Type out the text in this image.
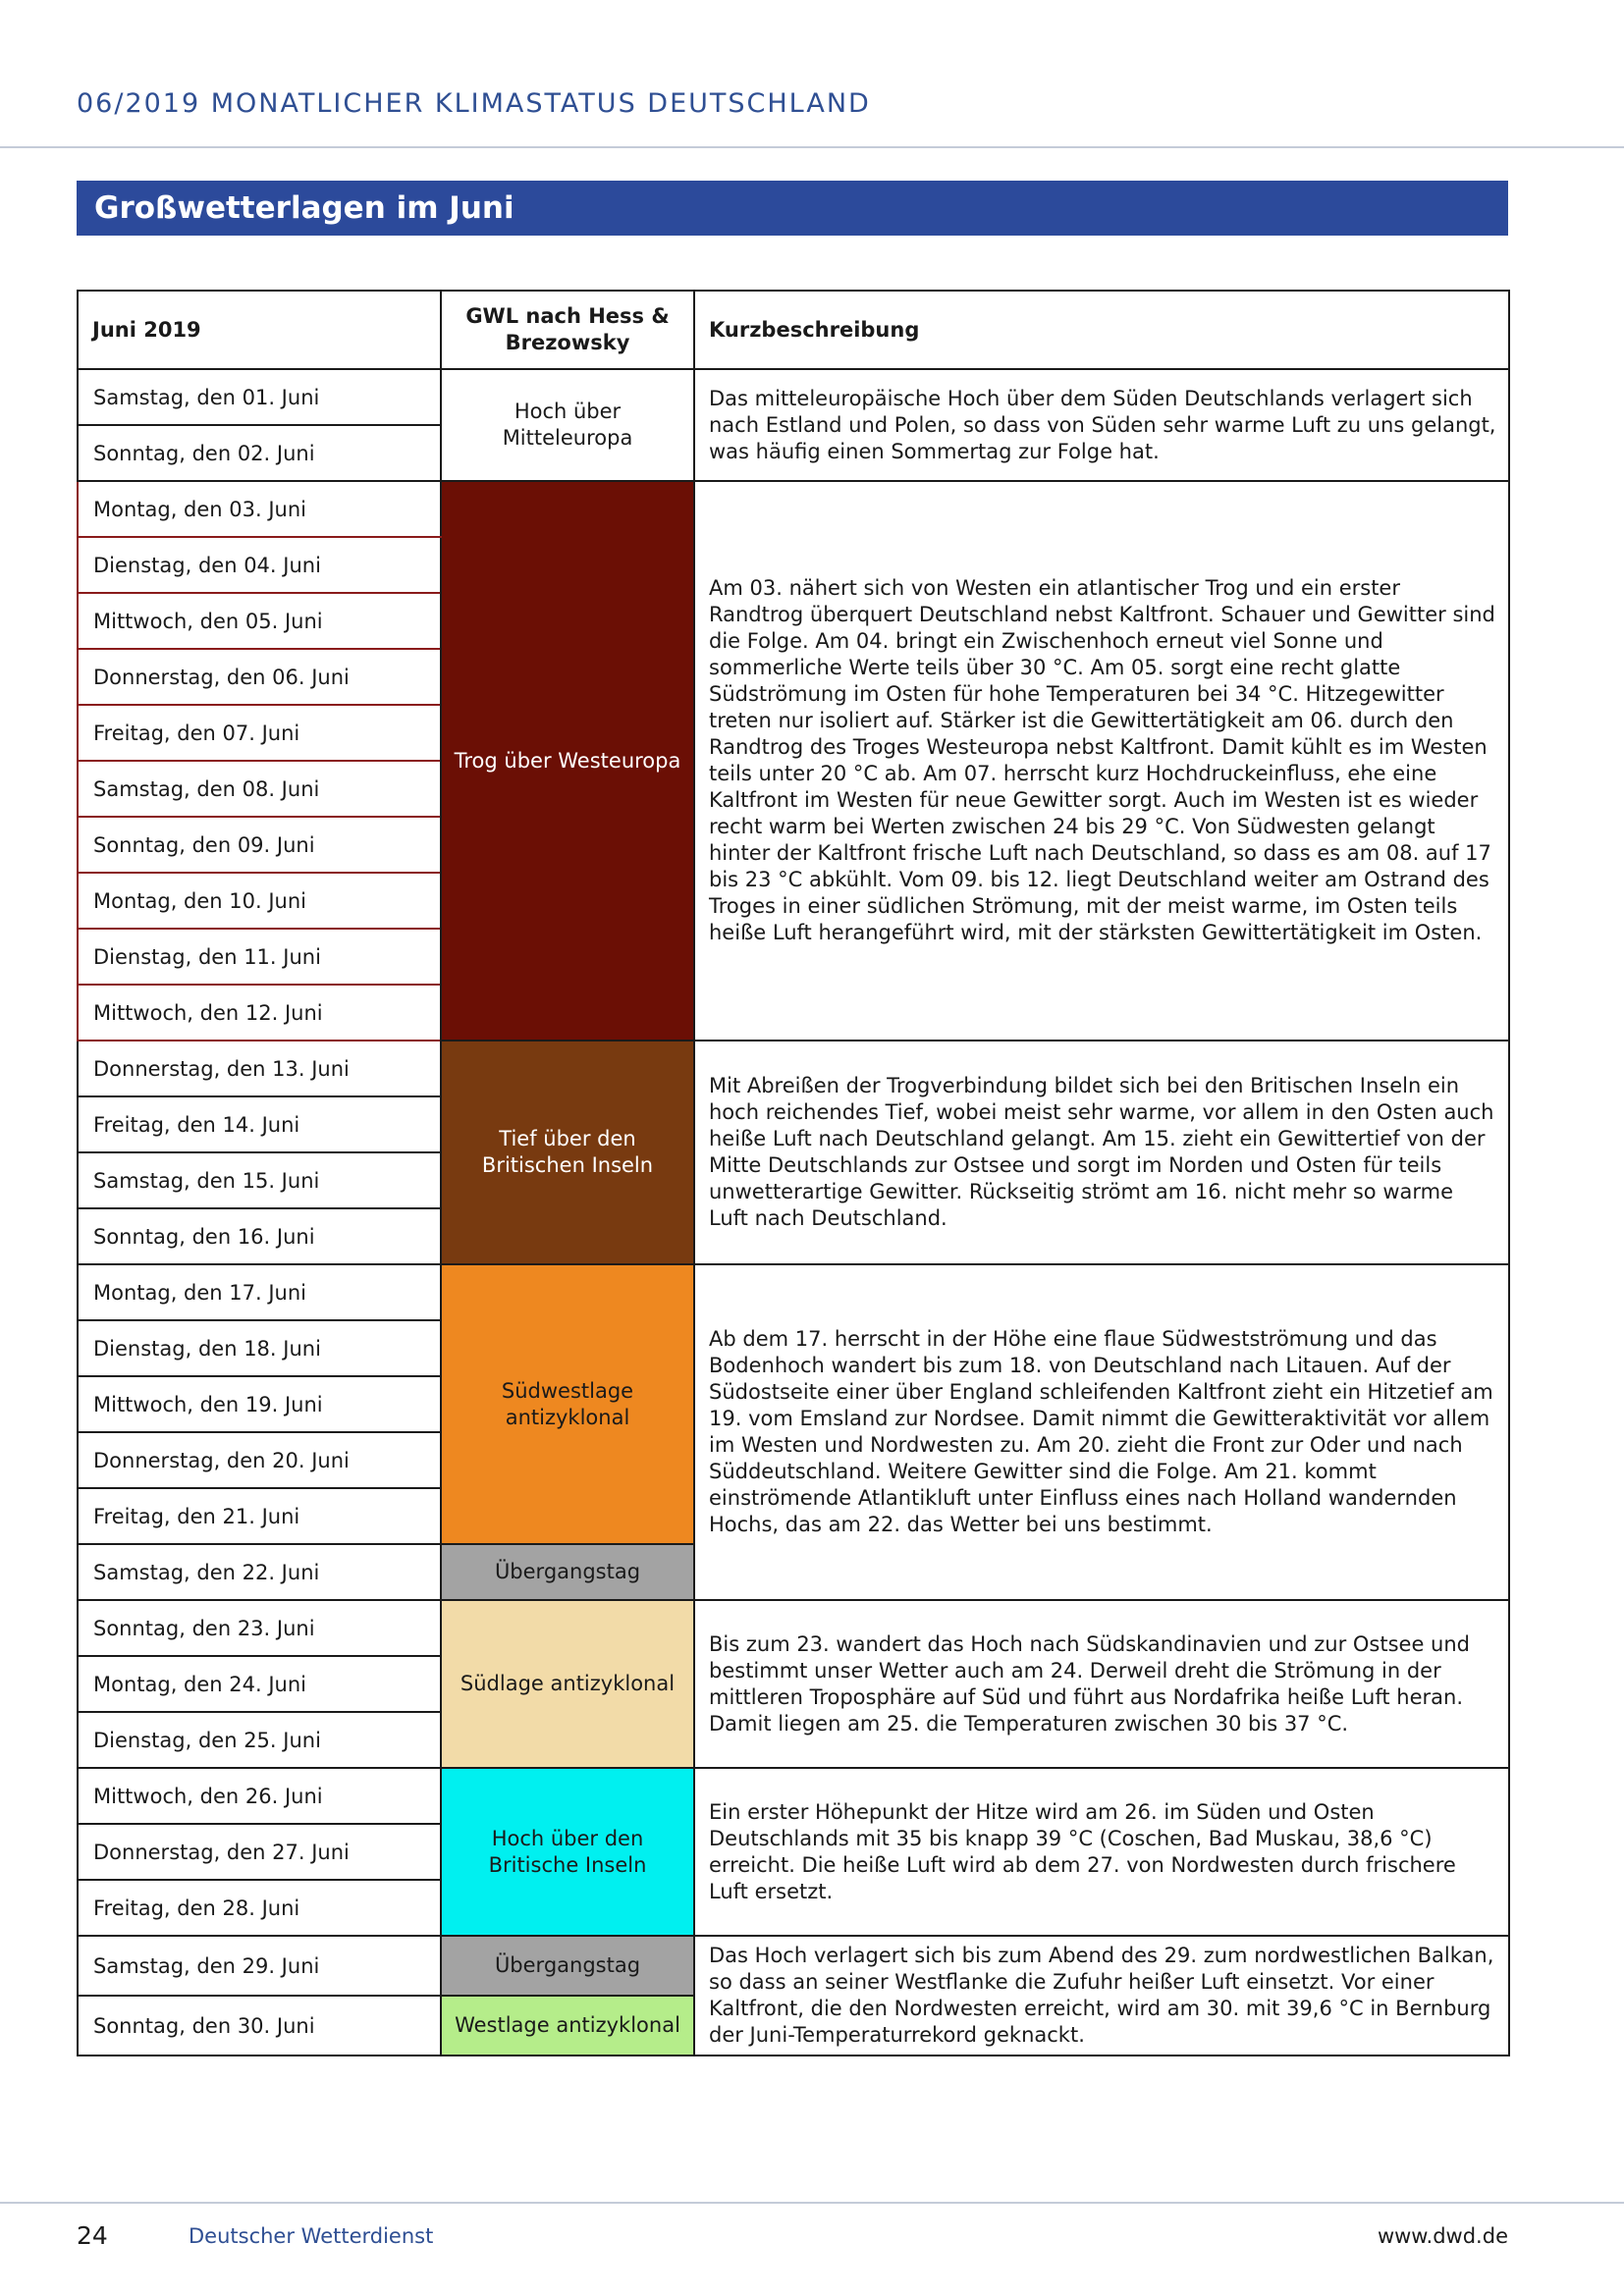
06/2019 MONATLICHER KLIMASTATUS DEUTSCHLAND
Großwetterlagen im Juni
Juni 2019	GWL nach Hess & Brezowsky	Kurzbeschreibung
Samstag, den 01. Juni	Hoch über Mitteleuropa	Das mitteleuropäische Hoch über dem Süden Deutschlands verlagert sich nach Estland und Polen, so dass von Süden sehr warme Luft zu uns gelangt, was häufig einen Sommertag zur Folge hat.
Sonntag, den 02. Juni		
Montag, den 03. Juni	Trog über Westeuropa	Am 03. nähert sich von Westen ein atlantischer Trog und ein erster Randtrog überquert Deutschland nebst Kaltfront. Schauer und Gewitter sind die Folge. Am 04. bringt ein Zwischenhoch erneut viel Sonne und sommerliche Werte teils über 30 °C. Am 05. sorgt eine recht glatte Südströmung im Osten für hohe Temperaturen bei 34 °C. Hitzegewitter treten nur isoliert auf. Stärker ist die Gewittertätigkeit am 06. durch den Randtrog des Troges Westeuropa nebst Kaltfront. Damit kühlt es im Westen teils unter 20 °C ab. Am 07. herrscht kurz Hochdruckeinfluss, ehe eine Kaltfront im Westen für neue Gewitter sorgt. Auch im Westen ist es wieder recht warm bei Werten zwischen 24 bis 29 °C. Von Südwesten gelangt hinter der Kaltfront frische Luft nach Deutschland, so dass es am 08. auf 17 bis 23 °C abkühlt. Vom 09. bis 12. liegt Deutschland weiter am Ostrand des Troges in einer südlichen Strömung, mit der meist warme, im Osten teils heiße Luft herangeführt wird, mit der stärksten Gewittertätigkeit im Osten.
Dienstag, den 04. Juni		
Mittwoch, den 05. Juni		
Donnerstag, den 06. Juni		
Freitag, den 07. Juni		
Samstag, den 08. Juni		
Sonntag, den 09. Juni		
Montag, den 10. Juni		
Dienstag, den 11. Juni		
Mittwoch, den 12. Juni		
Donnerstag, den 13. Juni	Tief über den Britischen Inseln	Mit Abreißen der Trogverbindung bildet sich bei den Britischen Inseln ein hoch reichendes Tief, wobei meist sehr warme, vor allem in den Osten auch heiße Luft nach Deutschland gelangt. Am 15. zieht ein Gewittertief von der Mitte Deutschlands zur Ostsee und sorgt im Norden und Osten für teils unwetterartige Gewitter. Rückseitig strömt am 16. nicht mehr so warme Luft nach Deutschland.
Freitag, den 14. Juni		
Samstag, den 15. Juni		
Sonntag, den 16. Juni		
Montag, den 17. Juni	Südwestlage antizyklonal	Ab dem 17. herrscht in der Höhe eine flaue Südwestströmung und das Bodenhoch wandert bis zum 18. von Deutschland nach Litauen. Auf der Südostseite einer über England schleifenden Kaltfront zieht ein Hitzetief am 19. vom Emsland zur Nordsee. Damit nimmt die Gewitteraktivität vor allem im Westen und Nordwesten zu. Am 20. zieht die Front zur Oder und nach Süddeutschland. Weitere Gewitter sind die Folge. Am 21. kommt einströmende Atlantikluft unter Einfluss eines nach Holland wandernden Hochs, das am 22. das Wetter bei uns bestimmt.
Dienstag, den 18. Juni		
Mittwoch, den 19. Juni		
Donnerstag, den 20. Juni		
Freitag, den 21. Juni		
Samstag, den 22. Juni	Übergangstag	
Sonntag, den 23. Juni	Südlage antizyklonal	Bis zum 23. wandert das Hoch nach Südskandinavien und zur Ostsee und bestimmt unser Wetter auch am 24. Derweil dreht die Strömung in der mittleren Troposphäre auf Süd und führt aus Nordafrika heiße Luft heran. Damit liegen am 25. die Temperaturen zwischen 30 bis 37 °C.
Montag, den 24. Juni		
Dienstag, den 25. Juni		
Mittwoch, den 26. Juni	Hoch über den Britische Inseln	Ein erster Höhepunkt der Hitze wird am 26. im Süden und Osten Deutschlands mit 35 bis knapp 39 °C (Coschen, Bad Muskau, 38,6 °C) erreicht. Die heiße Luft wird ab dem 27. von Nordwesten durch frischere Luft ersetzt.
Donnerstag, den 27. Juni		
Freitag, den 28. Juni		
Samstag, den 29. Juni	Übergangstag	Das Hoch verlagert sich bis zum Abend des 29. zum nordwestlichen Balkan, so dass an seiner Westflanke die Zufuhr heißer Luft einsetzt. Vor einer Kaltfront, die den Nordwesten erreicht, wird am 30. mit 39,6 °C in Bernburg der Juni-Temperaturrekord geknackt.
Sonntag, den 30. Juni	Westlage antizyklonal	
24	Deutscher Wetterdienst	www.dwd.de
